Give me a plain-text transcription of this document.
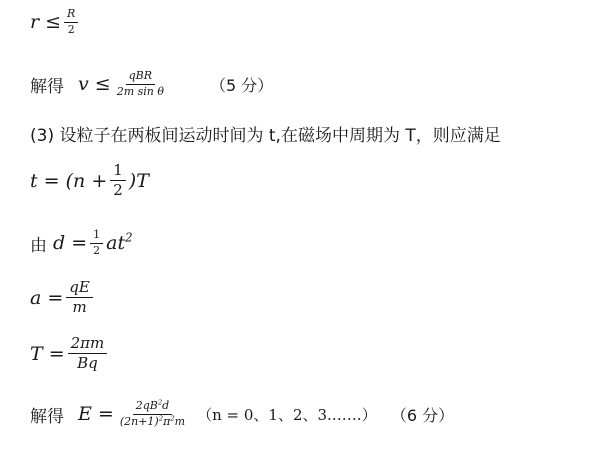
$r \le \frac{R}{2}$
解得 $v \le \frac{\text{qBR}}{\text{2m sin θ}}$	（5 分）
(3) 设粒子在两板间运动时间为 t,在磁场中周期为 T，则应满足
$t = (n + \frac{1}{2} )T$
由 $d = \frac{1}{2} at^2$
$a = \frac{qE}{m}$
$T = \frac{2\pi m}{Bq}$
解得 $E = \frac{2qB^2d}{(2n+1)^2\pi^2m} (n = 0$、1、2、3.……） （6 分）
